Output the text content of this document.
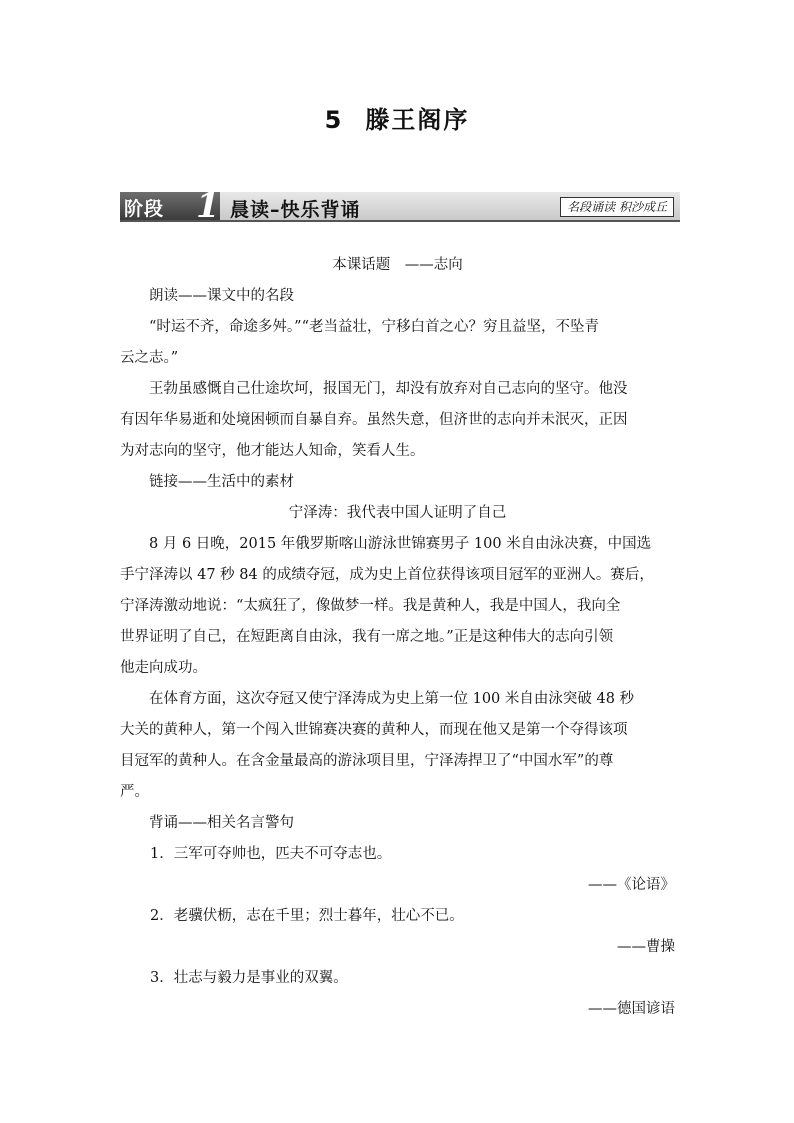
5 滕王阁序
阶段 1 晨读–快乐背诵	名段诵读 积沙成丘

本课话题　——志向

朗读——课文中的名段

“时运不齐，命途多舛。”“老当益壮，宁移白首之心？穷且益坚，不坠青

云之志。”

王勃虽感慨自己仕途坎坷，报国无门，却没有放弃对自己志向的坚守。他没

有因年华易逝和处境困顿而自暴自弃。虽然失意，但济世的志向并未泯灭，正因

为对志向的坚守，他才能达人知命，笑看人生。

链接——生活中的素材

宁泽涛：我代表中国人证明了自己

8 月 6 日晚，2015 年俄罗斯喀山游泳世锦赛男子 100 米自由泳决赛，中国选

手宁泽涛以 47 秒 84 的成绩夺冠，成为史上首位获得该项目冠军的亚洲人。赛后，

宁泽涛激动地说：“太疯狂了，像做梦一样。我是黄种人，我是中国人，我向全

世界证明了自己，在短距离自由泳，我有一席之地。”正是这种伟大的志向引领

他走向成功。

在体育方面，这次夺冠又使宁泽涛成为史上第一位 100 米自由泳突破 48 秒

大关的黄种人，第一个闯入世锦赛决赛的黄种人，而现在他又是第一个夺得该项

目冠军的黄种人。在含金量最高的游泳项目里，宁泽涛捍卫了“中国水军”的尊

严。

背诵——相关名言警句

1．三军可夺帅也，匹夫不可夺志也。

——《论语》

2．老骥伏枥，志在千里；烈士暮年，壮心不已。

——曹操

3．壮志与毅力是事业的双翼。

——德国谚语
